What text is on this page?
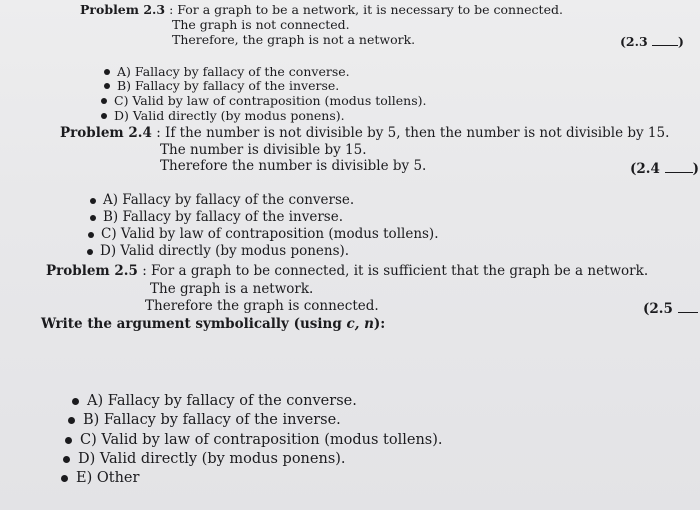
Problem 2.3 : For a graph to be a network, it is necessary to be connected.
The graph is not connected.
Therefore, the graph is not a network.	(2.3 )
A) Fallacy by fallacy of the converse.
B) Fallacy by fallacy of the inverse.
C) Valid by law of contraposition (modus tollens).
D) Valid directly (by modus ponens).
Problem 2.4 : If the number is not divisible by 5, then the number is not divisible by 15.
The number is divisible by 15.
Therefore the number is divisible by 5.	(2.4 )
A) Fallacy by fallacy of the converse.
B) Fallacy by fallacy of the inverse.
C) Valid by law of contraposition (modus tollens).
D) Valid directly (by modus ponens).
Problem 2.5 : For a graph to be connected, it is sufficient that the graph be a network.
The graph is a network.
Therefore the graph is connected.	(2.5
Write the argument symbolically (using c, n):
A) Fallacy by fallacy of the converse.
B) Fallacy by fallacy of the inverse.
C) Valid by law of contraposition (modus tollens).
D) Valid directly (by modus ponens).
E) Other
